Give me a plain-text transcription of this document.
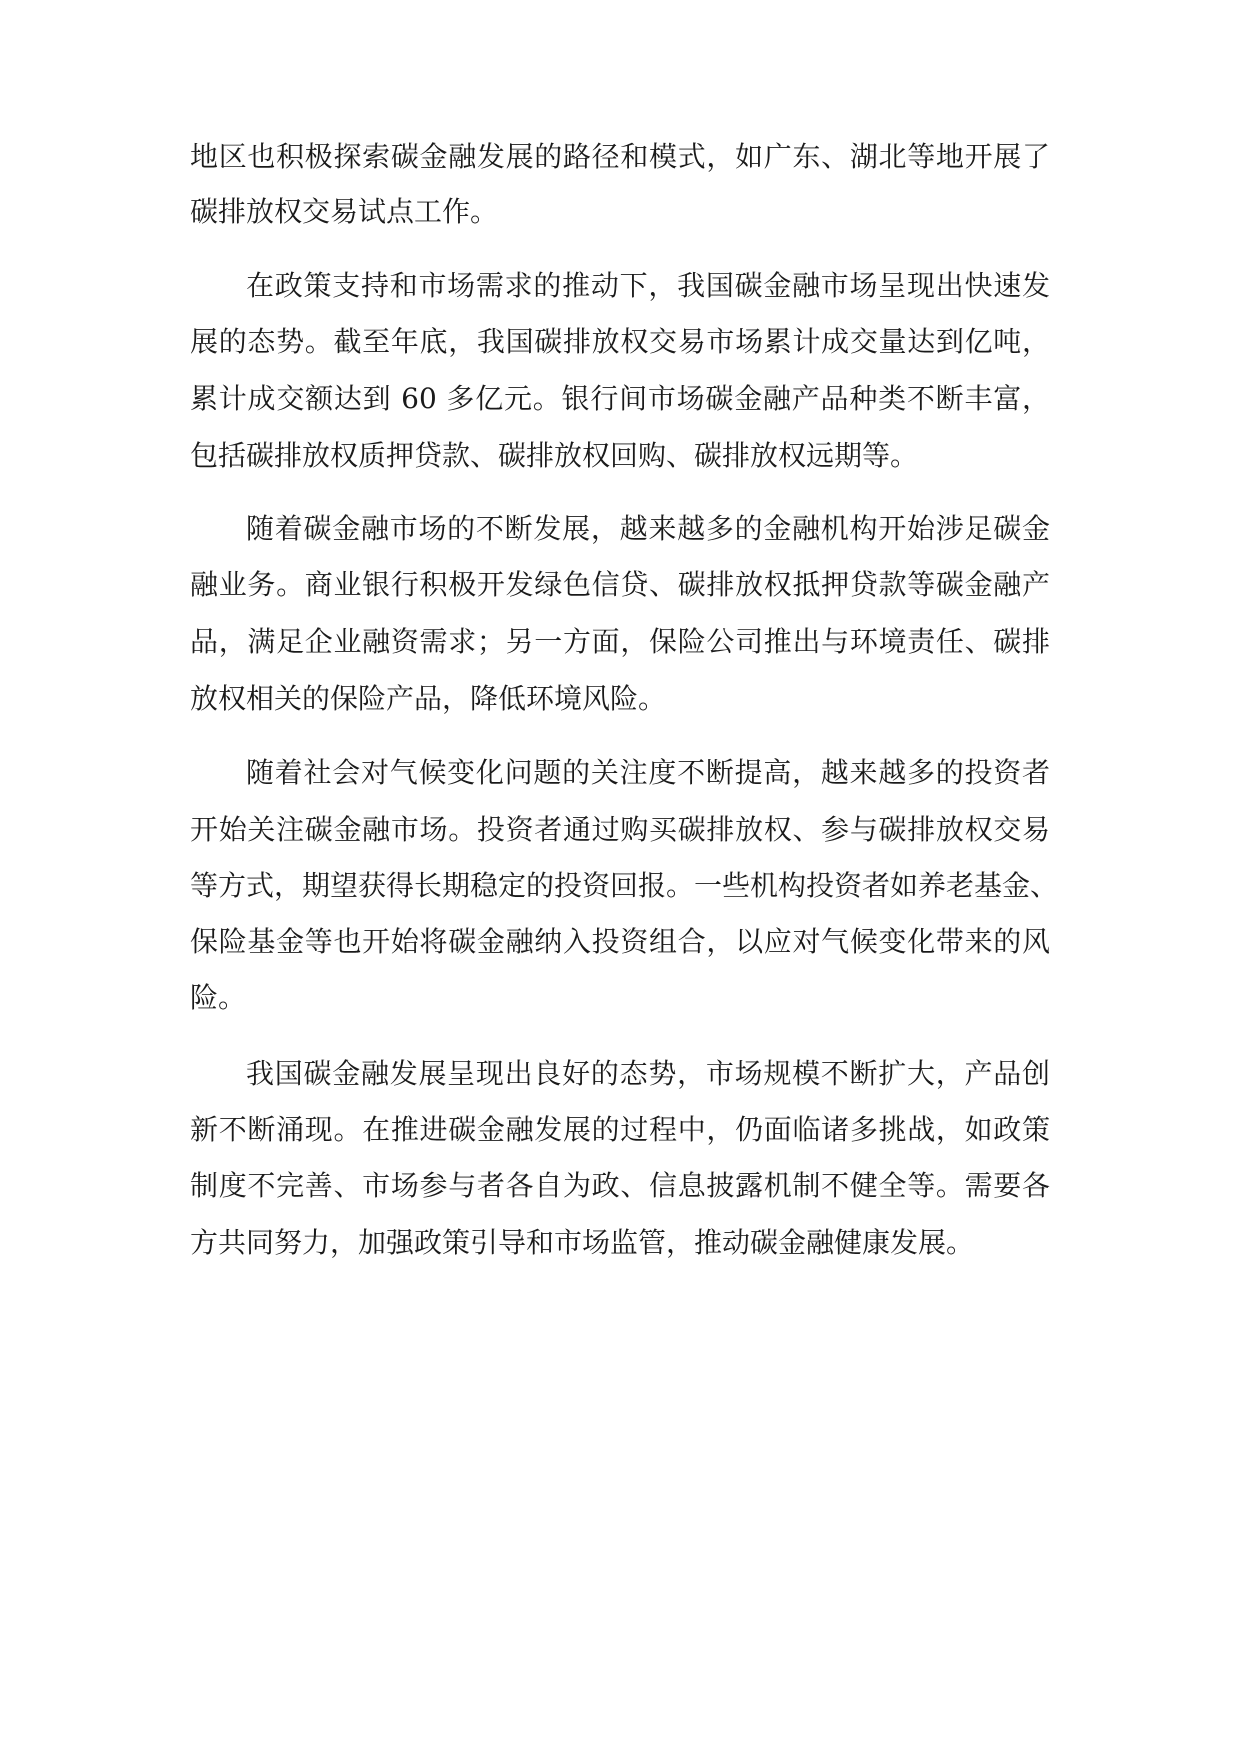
地区也积极探索碳金融发展的路径和模式，如广东、湖北等地开展了
碳排放权交易试点工作。
在政策支持和市场需求的推动下，我国碳金融市场呈现出快速发
展的态势。截至年底，我国碳排放权交易市场累计成交量达到亿吨，
累计成交额达到 60 多亿元。银行间市场碳金融产品种类不断丰富，
包括碳排放权质押贷款、碳排放权回购、碳排放权远期等。
随着碳金融市场的不断发展，越来越多的金融机构开始涉足碳金
融业务。商业银行积极开发绿色信贷、碳排放权抵押贷款等碳金融产
品，满足企业融资需求；另一方面，保险公司推出与环境责任、碳排
放权相关的保险产品，降低环境风险。
随着社会对气候变化问题的关注度不断提高，越来越多的投资者
开始关注碳金融市场。投资者通过购买碳排放权、参与碳排放权交易
等方式，期望获得长期稳定的投资回报。一些机构投资者如养老基金、
保险基金等也开始将碳金融纳入投资组合，以应对气候变化带来的风
险。
我国碳金融发展呈现出良好的态势，市场规模不断扩大，产品创
新不断涌现。在推进碳金融发展的过程中，仍面临诸多挑战，如政策
制度不完善、市场参与者各自为政、信息披露机制不健全等。需要各
方共同努力，加强政策引导和市场监管，推动碳金融健康发展。
